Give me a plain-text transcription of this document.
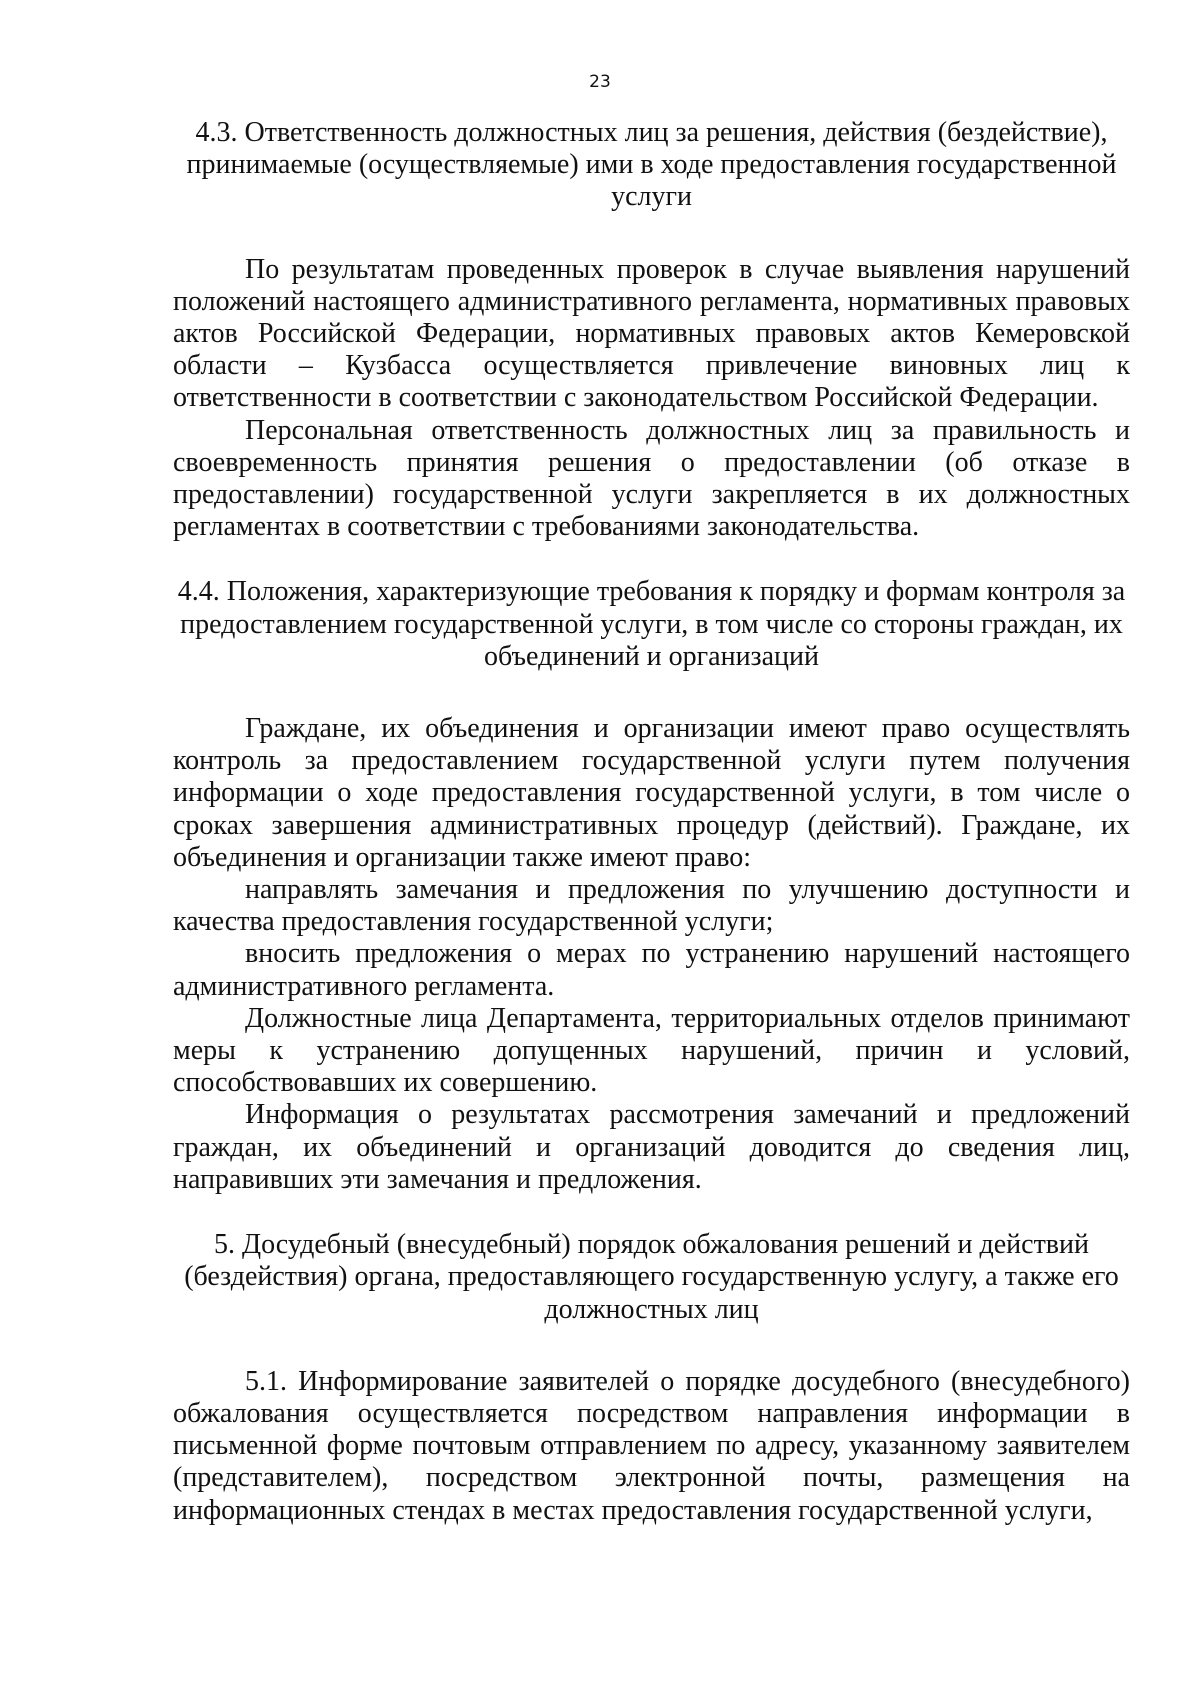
23

4.3. Ответственность должностных лиц за решения, действия (бездействие), принимаемые (осуществляемые) ими в ходе предоставления государственной услуги

По результатам проведенных проверок в случае выявления нарушений положений настоящего административного регламента, нормативных правовых актов Российской Федерации, нормативных правовых актов Кемеровской области – Кузбасса осуществляется привлечение виновных лиц к ответственности в соответствии с законодательством Российской Федерации.

Персональная ответственность должностных лиц за правильность и своевременность принятия решения о предоставлении (об отказе в предоставлении) государственной услуги закрепляется в их должностных регламентах в соответствии с требованиями законодательства.

4.4. Положения, характеризующие требования к порядку и формам контроля за предоставлением государственной услуги, в том числе со стороны граждан, их объединений и организаций

Граждане, их объединения и организации имеют право осуществлять контроль за предоставлением государственной услуги путем получения информации о ходе предоставления государственной услуги, в том числе о сроках завершения административных процедур (действий). Граждане, их объединения и организации также имеют право:

направлять замечания и предложения по улучшению доступности и качества предоставления государственной услуги;

вносить предложения о мерах по устранению нарушений настоящего административного регламента.

Должностные лица Департамента, территориальных отделов принимают меры к устранению допущенных нарушений, причин и условий, способствовавших их совершению.

Информация о результатах рассмотрения замечаний и предложений граждан, их объединений и организаций доводится до сведения лиц, направивших эти замечания и предложения.

5. Досудебный (внесудебный) порядок обжалования решений и действий (бездействия) органа, предоставляющего государственную услугу, а также его должностных лиц

5.1. Информирование заявителей о порядке досудебного (внесудебного) обжалования осуществляется посредством направления информации в письменной форме почтовым отправлением по адресу, указанному заявителем (представителем), посредством электронной почты, размещения на информационных стендах в местах предоставления государственной услуги,
